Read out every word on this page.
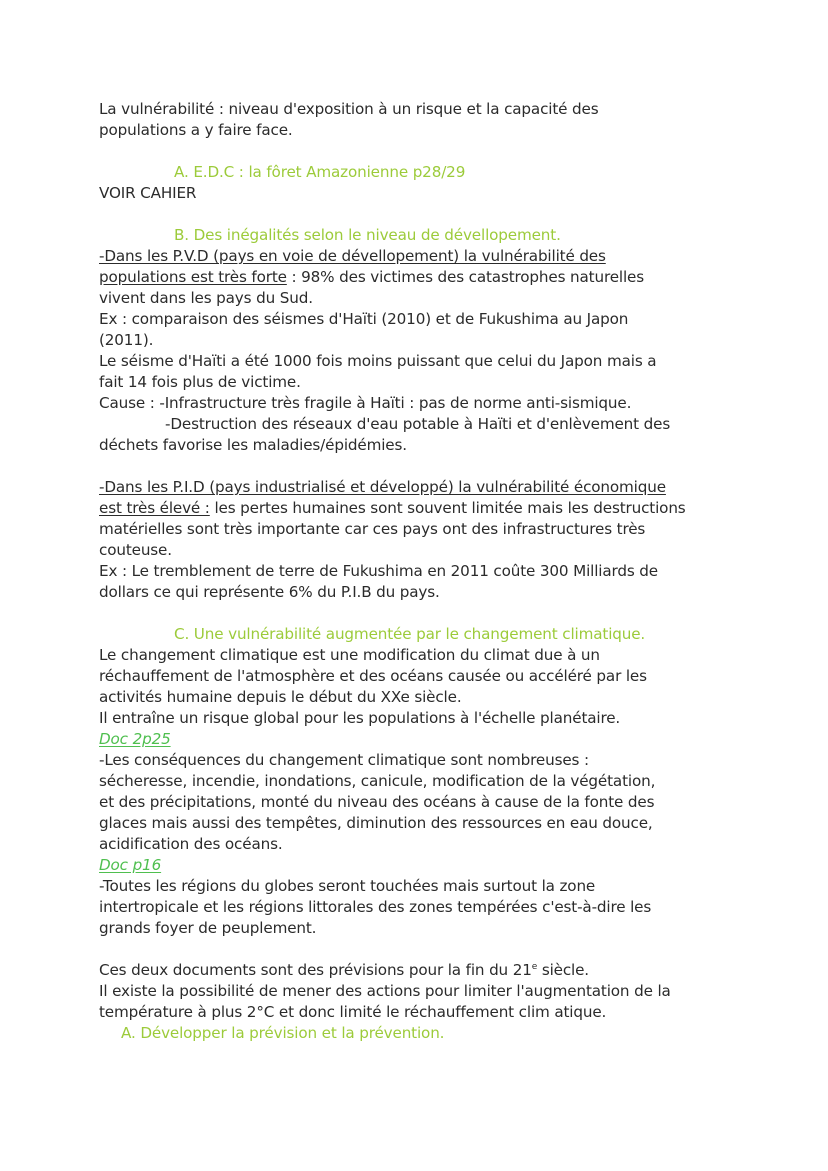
La vulnérabilité : niveau d'exposition à un risque et la capacité des
populations a y faire face.
A. E.D.C : la fôret Amazonienne p28/29
VOIR CAHIER
B. Des inégalités selon le niveau de dévellopement.
-Dans les P.V.D (pays en voie de dévellopement) la vulnérabilité des
populations est très forte : 98% des victimes des catastrophes naturelles
vivent dans les pays du Sud.
Ex : comparaison des séismes d'Haïti (2010) et de Fukushima au Japon
(2011).
Le séisme d'Haïti a été 1000 fois moins puissant que celui du Japon mais a
fait 14 fois plus de victime.
Cause : -Infrastructure très fragile à Haïti : pas de norme anti-sismique.
-Destruction des réseaux d'eau potable à Haïti et d'enlèvement des
déchets favorise les maladies/épidémies.
-Dans les P.I.D (pays industrialisé et développé) la vulnérabilité économique
est très élevé : les pertes humaines sont souvent limitée mais les destructions
matérielles sont très importante car ces pays ont des infrastructures très
couteuse.
Ex : Le tremblement de terre de Fukushima en 2011 coûte 300 Milliards de
dollars ce qui représente 6% du P.I.B du pays.
C. Une vulnérabilité augmentée par le changement climatique.
Le changement climatique est une modification du climat due à un
réchauffement de l'atmosphère et des océans causée ou accéléré par les
activités humaine depuis le début du XXe siècle.
Il entraîne un risque global pour les populations à l'échelle planétaire.
Doc 2p25
-Les conséquences du changement climatique sont nombreuses :
sécheresse, incendie, inondations, canicule, modification de la végétation,
et des précipitations, monté du niveau des océans à cause de la fonte des
glaces mais aussi des tempêtes, diminution des ressources en eau douce,
acidification des océans.
Doc p16
-Toutes les régions du globes seront touchées mais surtout la zone
intertropicale et les régions littorales des zones tempérées c'est-à-dire les
grands foyer de peuplement.
Ces deux documents sont des prévisions pour la fin du 21e siècle.
Il existe la possibilité de mener des actions pour limiter l'augmentation de la
température à plus 2°C et donc limité le réchauffement clim atique.
A. Développer la prévision et la prévention.
